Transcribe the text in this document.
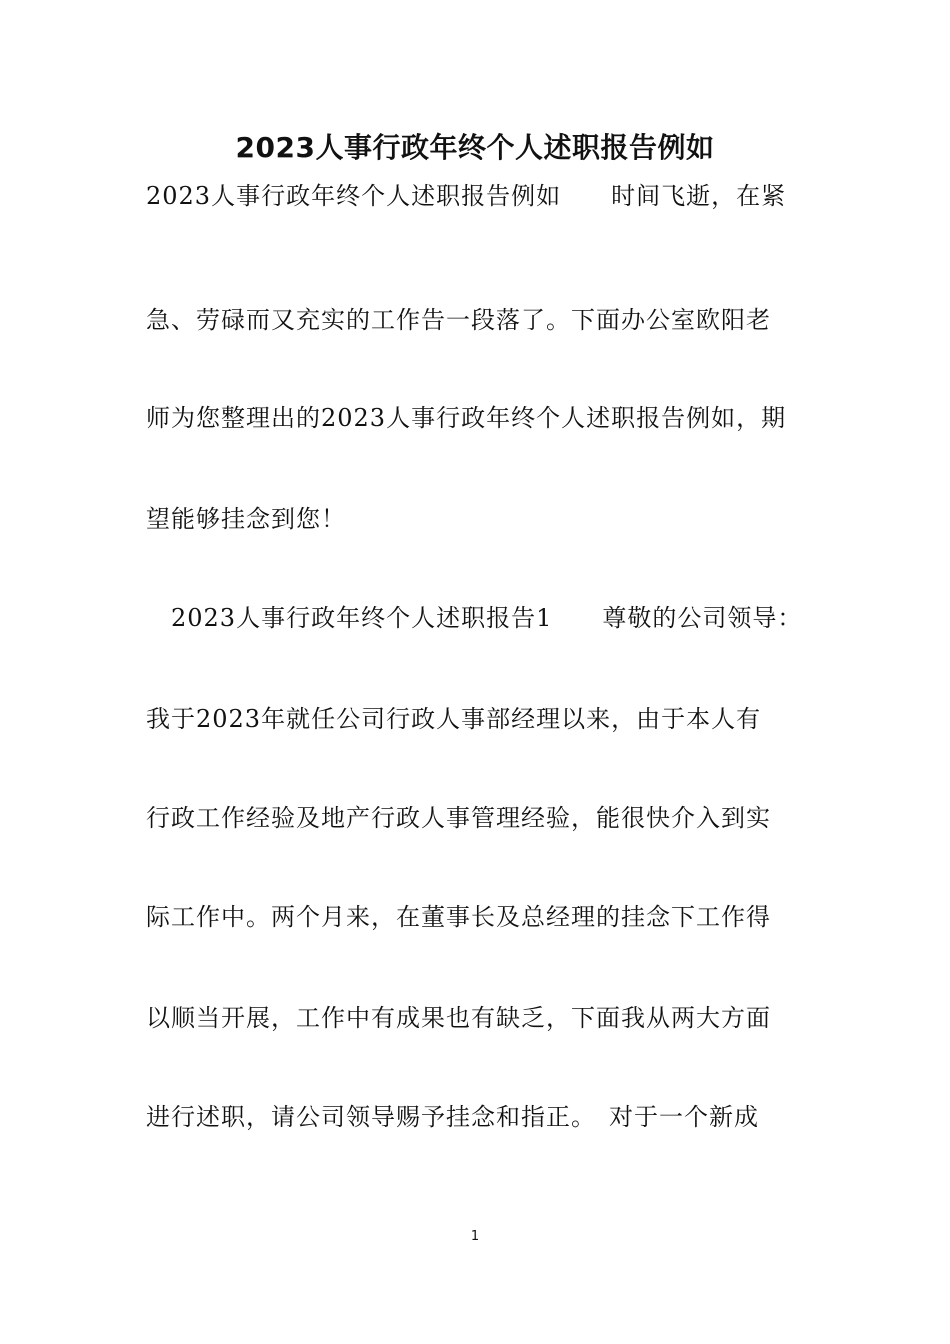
2023人事行政年终个人述职报告例如
2023人事行政年终个人述职报告例如　　时间飞逝，在紧
急、劳碌而又充实的工作告一段落了。下面办公室欧阳老
师为您整理出的2023人事行政年终个人述职报告例如，期
望能够挂念到您！
　2023人事行政年终个人述职报告1　　尊敬的公司领导：
我于2023年就任公司行政人事部经理以来，由于本人有
行政工作经验及地产行政人事管理经验，能很快介入到实
际工作中。两个月来，在董事长及总经理的挂念下工作得
以顺当开展，工作中有成果也有缺乏，下面我从两大方面
进行述职，请公司领导赐予挂念和指正。　对于一个新成
1
